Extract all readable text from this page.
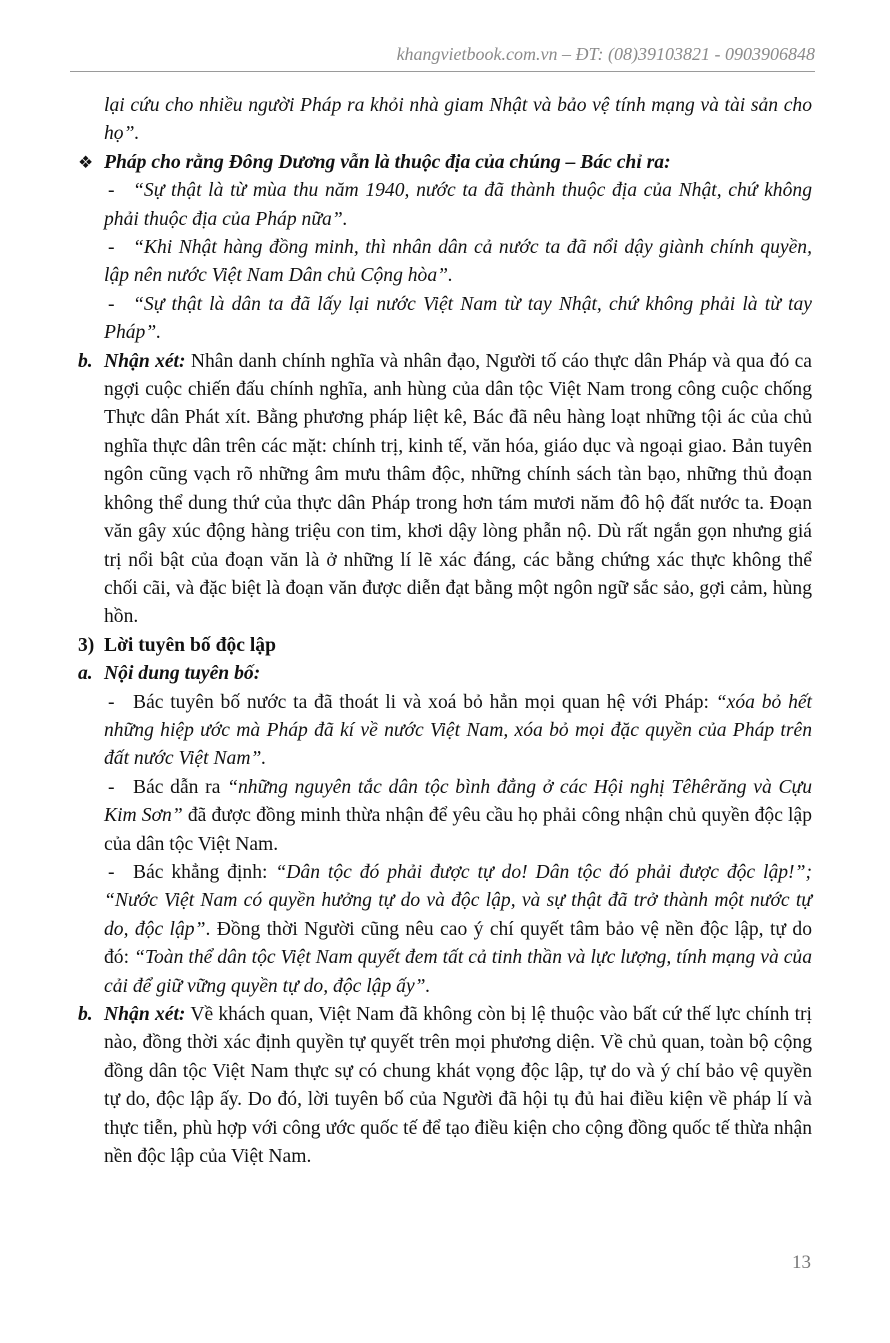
khangvietbook.com.vn – ĐT: (08)39103821 - 0903906848

lại cứu cho nhiều người Pháp ra khỏi nhà giam Nhật và bảo vệ tính mạng và tài sản cho họ”.

❖ Pháp cho rằng Đông Dương vẫn là thuộc địa của chúng – Bác chỉ ra:

- “Sự thật là từ mùa thu năm 1940, nước ta đã thành thuộc địa của Nhật, chứ không phải thuộc địa của Pháp nữa”.

- “Khi Nhật hàng đồng minh, thì nhân dân cả nước ta đã nổi dậy giành chính quyền, lập nên nước Việt Nam Dân chủ Cộng hòa”.

- “Sự thật là dân ta đã lấy lại nước Việt Nam từ tay Nhật, chứ không phải là từ tay Pháp”.

b. Nhận xét: Nhân danh chính nghĩa và nhân đạo, Người tố cáo thực dân Pháp và qua đó ca ngợi cuộc chiến đấu chính nghĩa, anh hùng của dân tộc Việt Nam trong công cuộc chống Thực dân Phát xít. Bằng phương pháp liệt kê, Bác đã nêu hàng loạt những tội ác của chủ nghĩa thực dân trên các mặt: chính trị, kinh tế, văn hóa, giáo dục và ngoại giao. Bản tuyên ngôn cũng vạch rõ những âm mưu thâm độc, những chính sách tàn bạo, những thủ đoạn không thể dung thứ của thực dân Pháp trong hơn tám mươi năm đô hộ đất nước ta. Đoạn văn gây xúc động hàng triệu con tim, khơi dậy lòng phẫn nộ. Dù rất ngắn gọn nhưng giá trị nổi bật của đoạn văn là ở những lí lẽ xác đáng, các bằng chứng xác thực không thể chối cãi, và đặc biệt là đoạn văn được diễn đạt bằng một ngôn ngữ sắc sảo, gợi cảm, hùng hồn.

3) Lời tuyên bố độc lập

a. Nội dung tuyên bố:

- Bác tuyên bố nước ta đã thoát li và xoá bỏ hẳn mọi quan hệ với Pháp: “xóa bỏ hết những hiệp ước mà Pháp đã kí về nước Việt Nam, xóa bỏ mọi đặc quyền của Pháp trên đất nước Việt Nam”.

- Bác dẫn ra “những nguyên tắc dân tộc bình đẳng ở các Hội nghị Têhêrăng và Cựu Kim Sơn” đã được đồng minh thừa nhận để yêu cầu họ phải công nhận chủ quyền độc lập của dân tộc Việt Nam.

- Bác khẳng định: “Dân tộc đó phải được tự do! Dân tộc đó phải được độc lập!”; “Nước Việt Nam có quyền hưởng tự do và độc lập, và sự thật đã trở thành một nước tự do, độc lập”. Đồng thời Người cũng nêu cao ý chí quyết tâm bảo vệ nền độc lập, tự do đó: “Toàn thể dân tộc Việt Nam quyết đem tất cả tinh thần và lực lượng, tính mạng và của cải để giữ vững quyền tự do, độc lập ấy”.

b. Nhận xét: Về khách quan, Việt Nam đã không còn bị lệ thuộc vào bất cứ thế lực chính trị nào, đồng thời xác định quyền tự quyết trên mọi phương diện. Về chủ quan, toàn bộ cộng đồng dân tộc Việt Nam thực sự có chung khát vọng độc lập, tự do và ý chí bảo vệ quyền tự do, độc lập ấy. Do đó, lời tuyên bố của Người đã hội tụ đủ hai điều kiện về pháp lí và thực tiễn, phù hợp với công ước quốc tế để tạo điều kiện cho cộng đồng quốc tế thừa nhận nền độc lập của Việt Nam.

13
